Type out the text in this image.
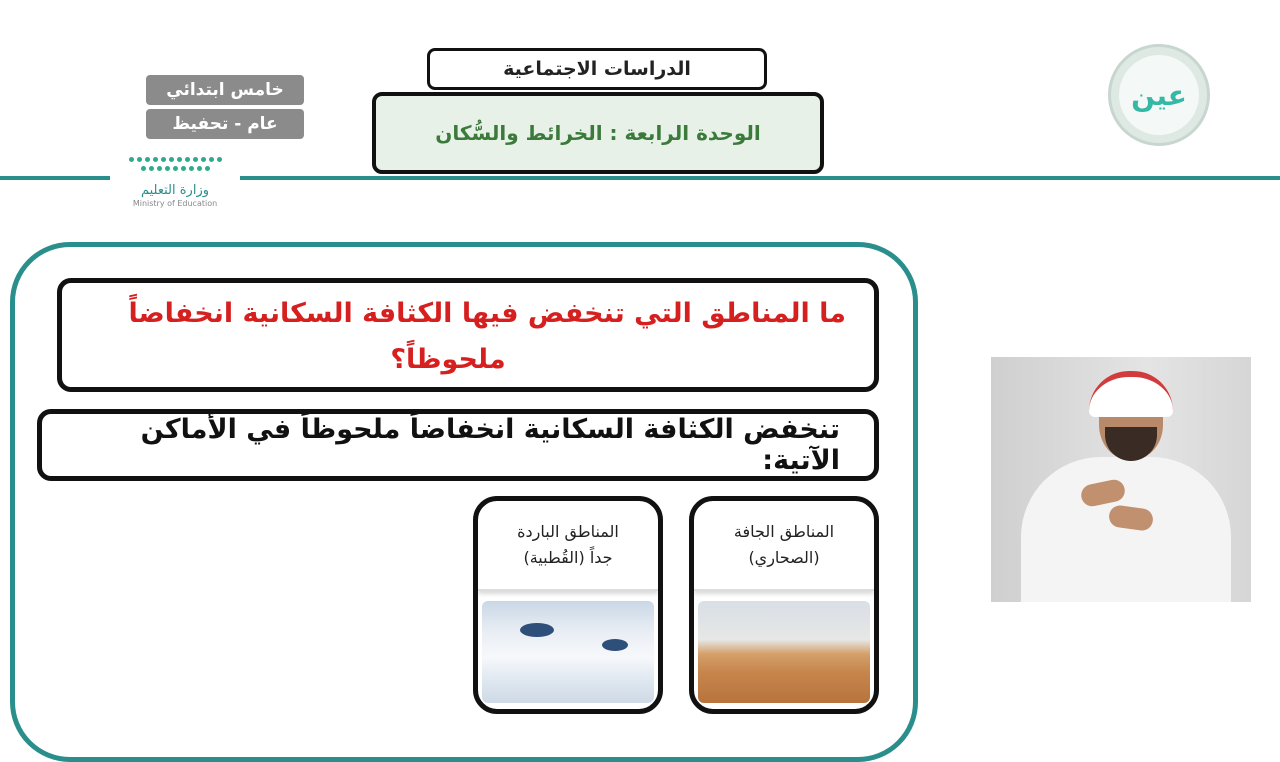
الدراسات الاجتماعية
الوحدة الرابعة : الخرائط والسُّكان
خامس ابتدائي
عام - تحفيظ
وزارة التعليم
Ministry of Education
عين
ما المناطق التي تنخفض فيها الكثافة السكانية انخفاضاً
ملحوظاً؟
تنخفض الكثافة السكانية انخفاضاً ملحوظاً في الأماكن الآتية:
المناطق الباردة
جداً (القُطبية)
المناطق الجافة
(الصحاري)
